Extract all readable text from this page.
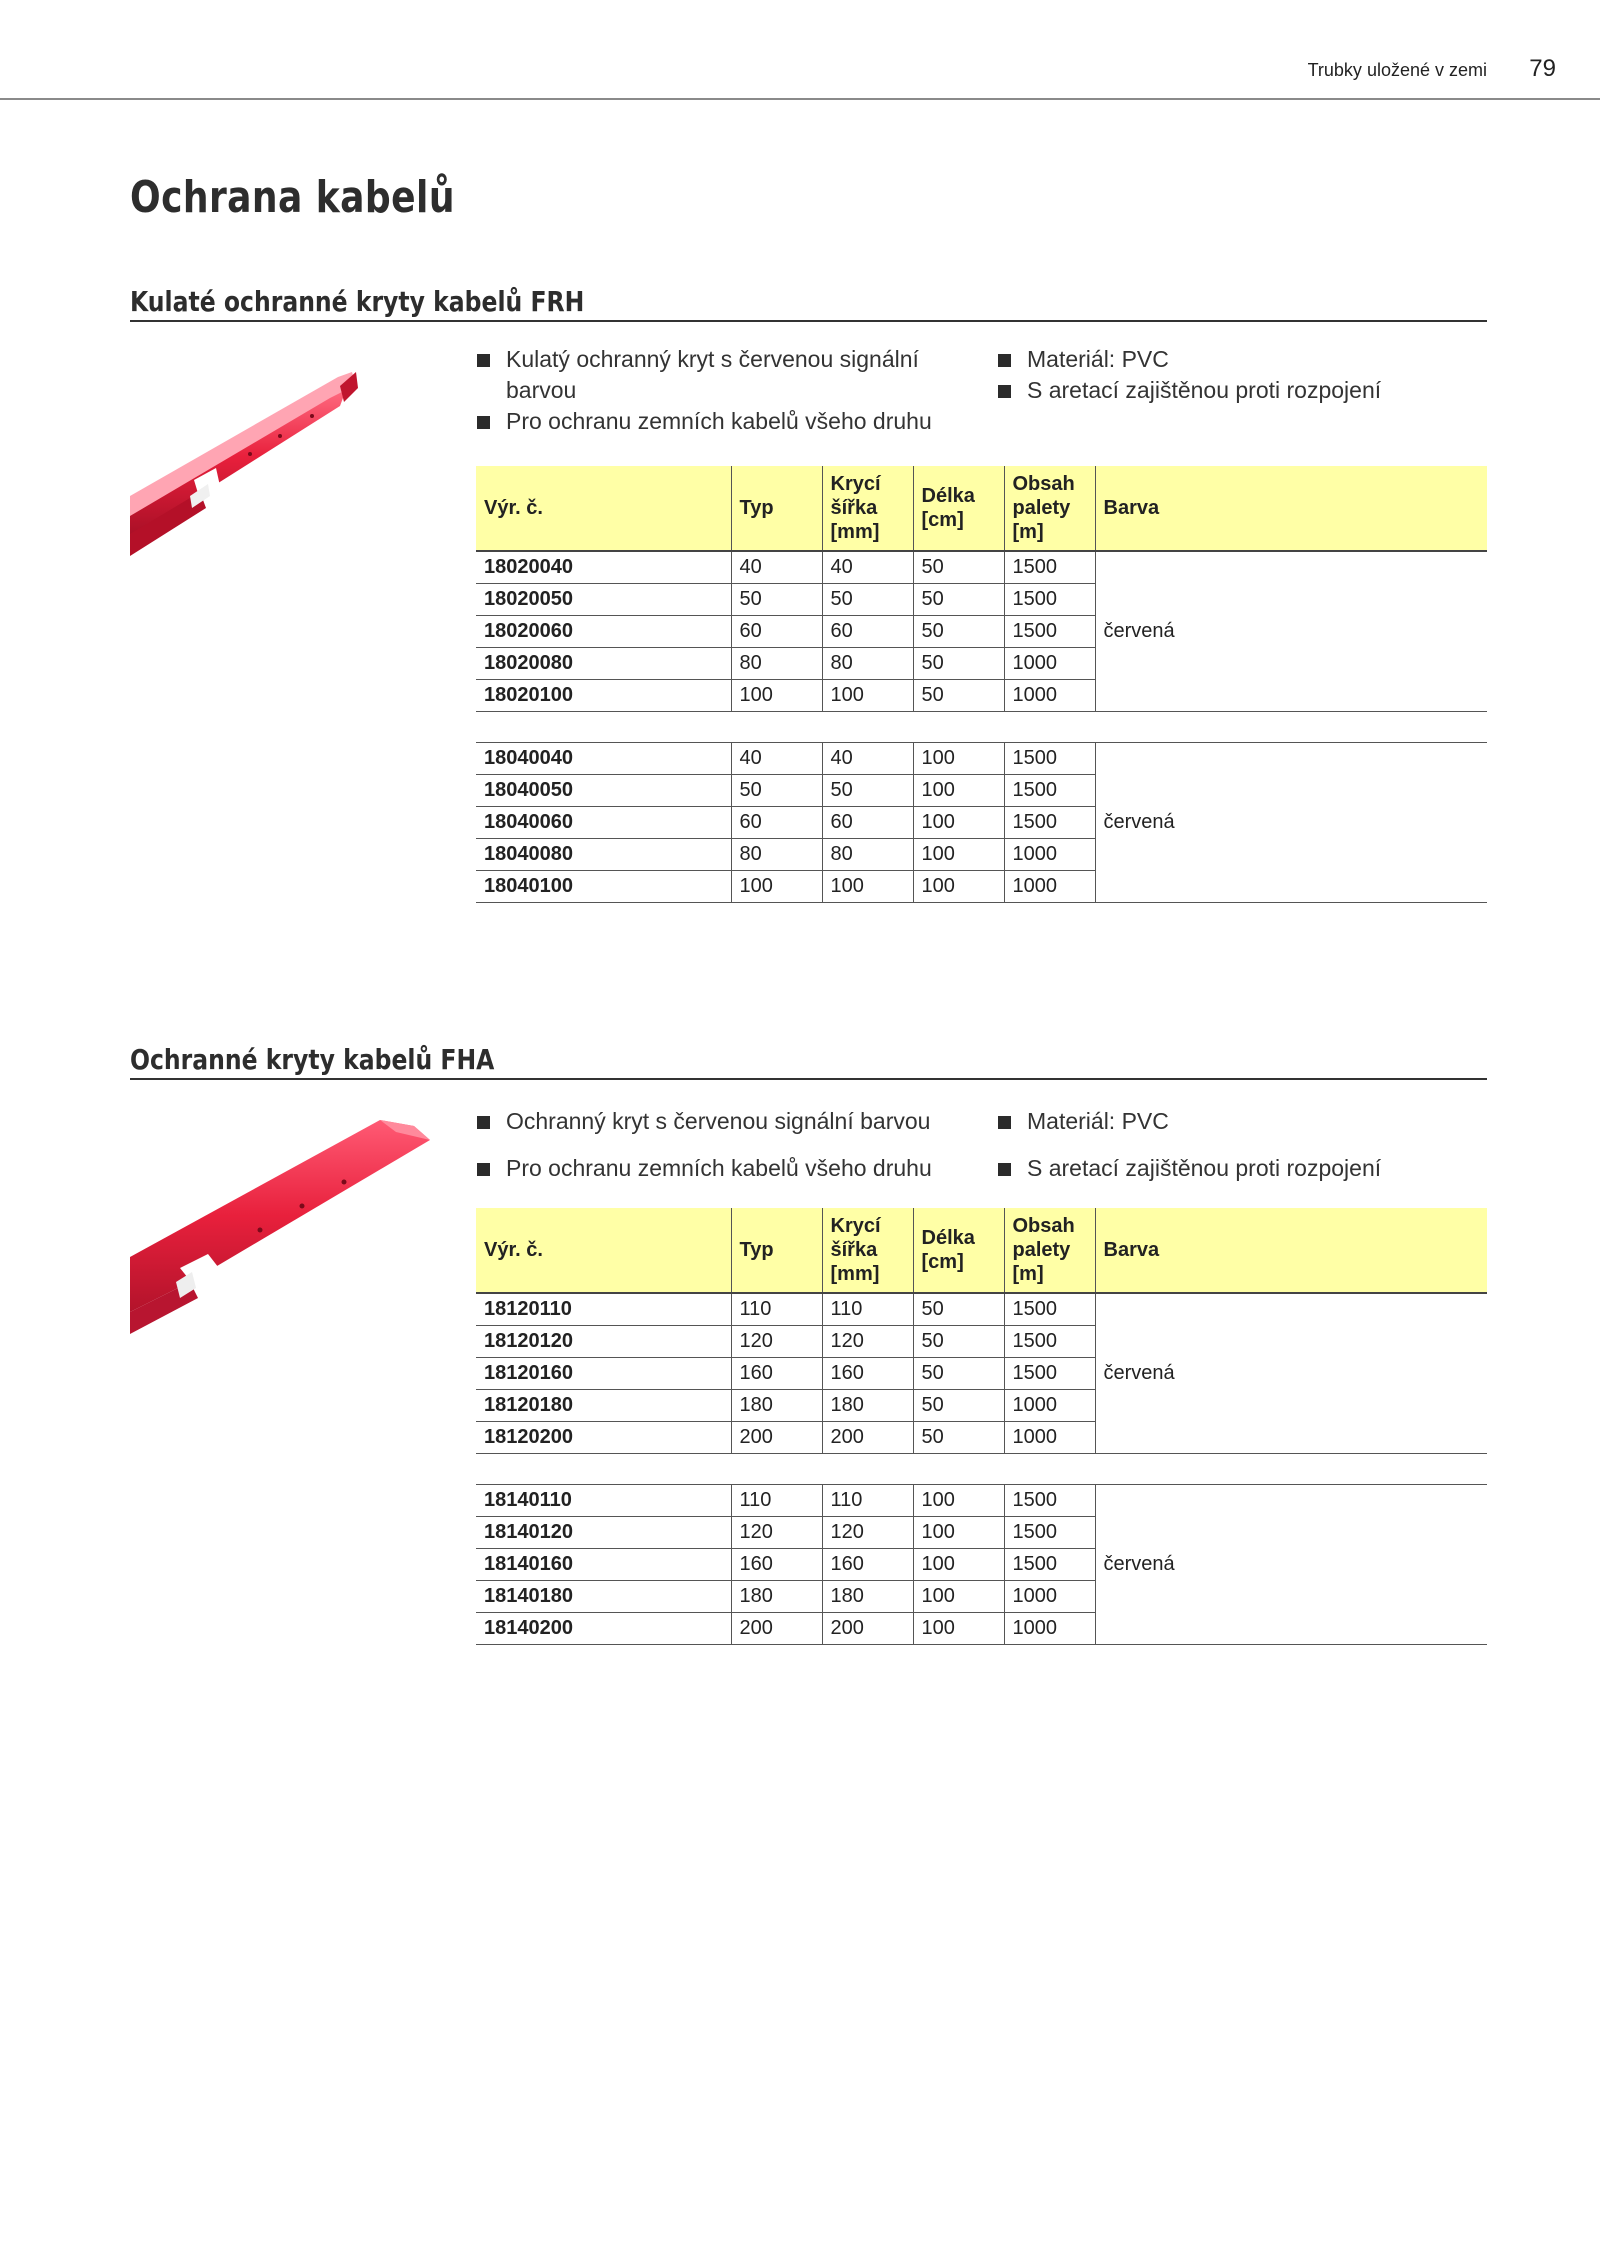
Trubky uložené v zemi 79
Ochrana kabelů
Kulaté ochranné kryty kabelů FRH
Kulatý ochranný kryt s červenou signální barvou
Pro ochranu zemních kabelů všeho druhu
Materiál: PVC
S aretací zajištěnou proti rozpojení
Výr. č.	Typ	Krycí šířka [mm]	Délka [cm]	Obsah palety [m]	Barva
18020040	40	40	50	1500	červená
18020050	50	50	50	1500	
18020060	60	60	50	1500	
18020080	80	80	50	1000	
18020100	100	100	50	1000	

18040040	40	40	100	1500	červená
18040050	50	50	100	1500	
18040060	60	60	100	1500	
18040080	80	80	100	1000	
18040100	100	100	100	1000	
Ochranné kryty kabelů FHA
Ochranný kryt s červenou signální barvou
Pro ochranu zemních kabelů všeho druhu
Materiál: PVC
S aretací zajištěnou proti rozpojení
Výr. č.	Typ	Krycí šířka [mm]	Délka [cm]	Obsah palety [m]	Barva
18120110	110	110	50	1500	červená
18120120	120	120	50	1500	
18120160	160	160	50	1500	
18120180	180	180	50	1000	
18120200	200	200	50	1000	

18140110	110	110	100	1500	červená
18140120	120	120	100	1500	
18140160	160	160	100	1500	
18140180	180	180	100	1000	
18140200	200	200	100	1000	
